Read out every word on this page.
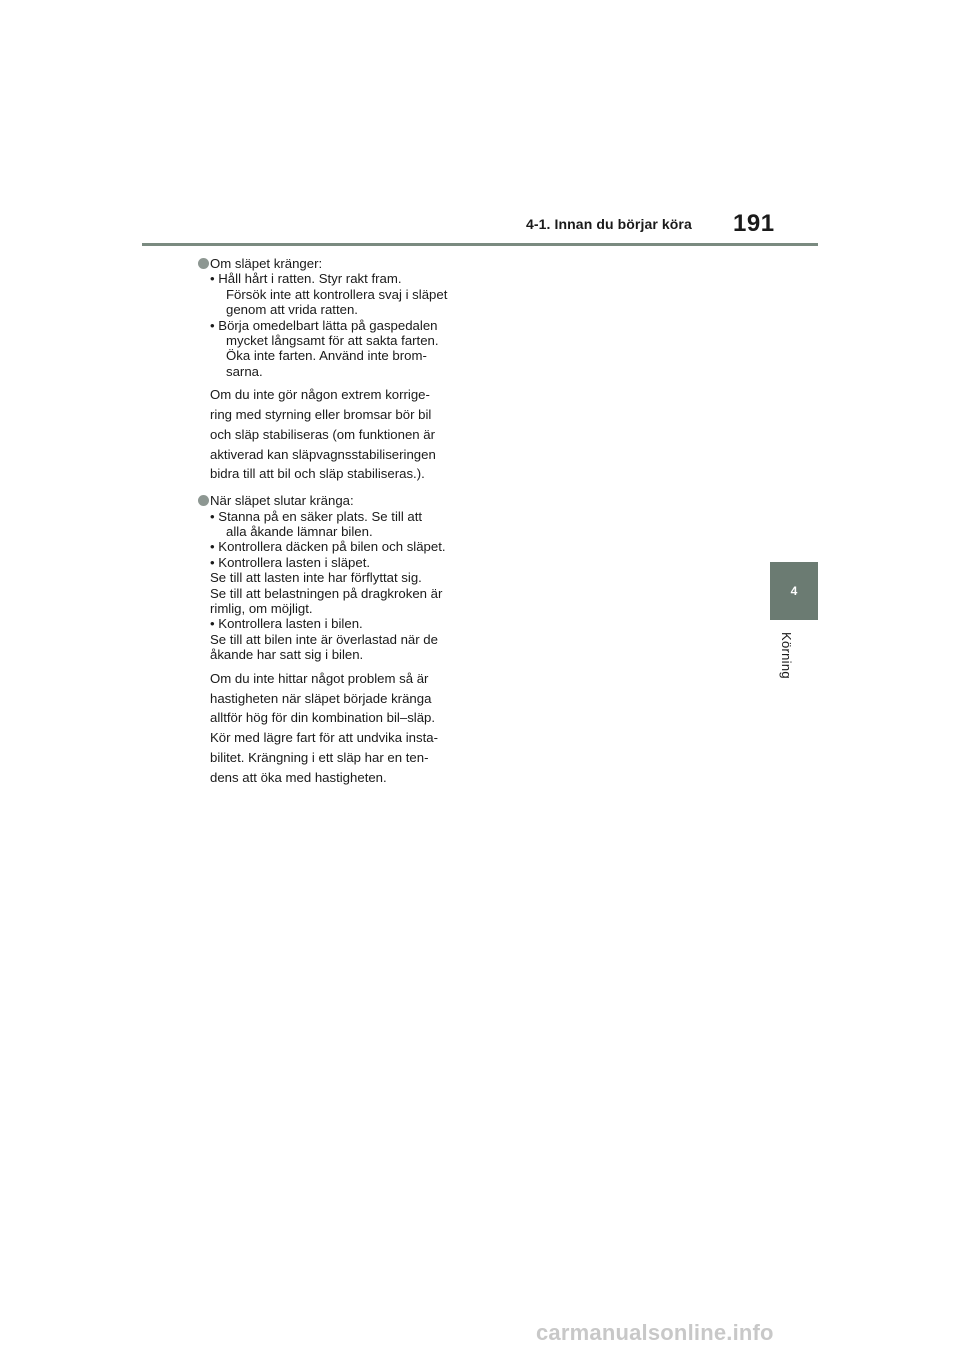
4-1. Innan du börjar köra 191
4
Körning
Om släpet kränger:
• Håll hårt i ratten. Styr rakt fram.
Försök inte att kontrollera svaj i släpet
genom att vrida ratten.
• Börja omedelbart lätta på gaspedalen
mycket långsamt för att sakta farten.
Öka inte farten. Använd inte brom-
sarna.
Om du inte gör någon extrem korrige-
ring med styrning eller bromsar bör bil
och släp stabiliseras (om funktionen är
aktiverad kan släpvagnsstabiliseringen
bidra till att bil och släp stabiliseras.).
När släpet slutar kränga:
• Stanna på en säker plats. Se till att
alla åkande lämnar bilen.
• Kontrollera däcken på bilen och släpet.
• Kontrollera lasten i släpet.
Se till att lasten inte har förflyttat sig.
Se till att belastningen på dragkroken är
rimlig, om möjligt.
• Kontrollera lasten i bilen.
Se till att bilen inte är överlastad när de
åkande har satt sig i bilen.
Om du inte hittar något problem så är
hastigheten när släpet började kränga
alltför hög för din kombination bil–släp.
Kör med lägre fart för att undvika insta-
bilitet. Krängning i ett släp har en ten-
dens att öka med hastigheten.
carmanualsonline.info
